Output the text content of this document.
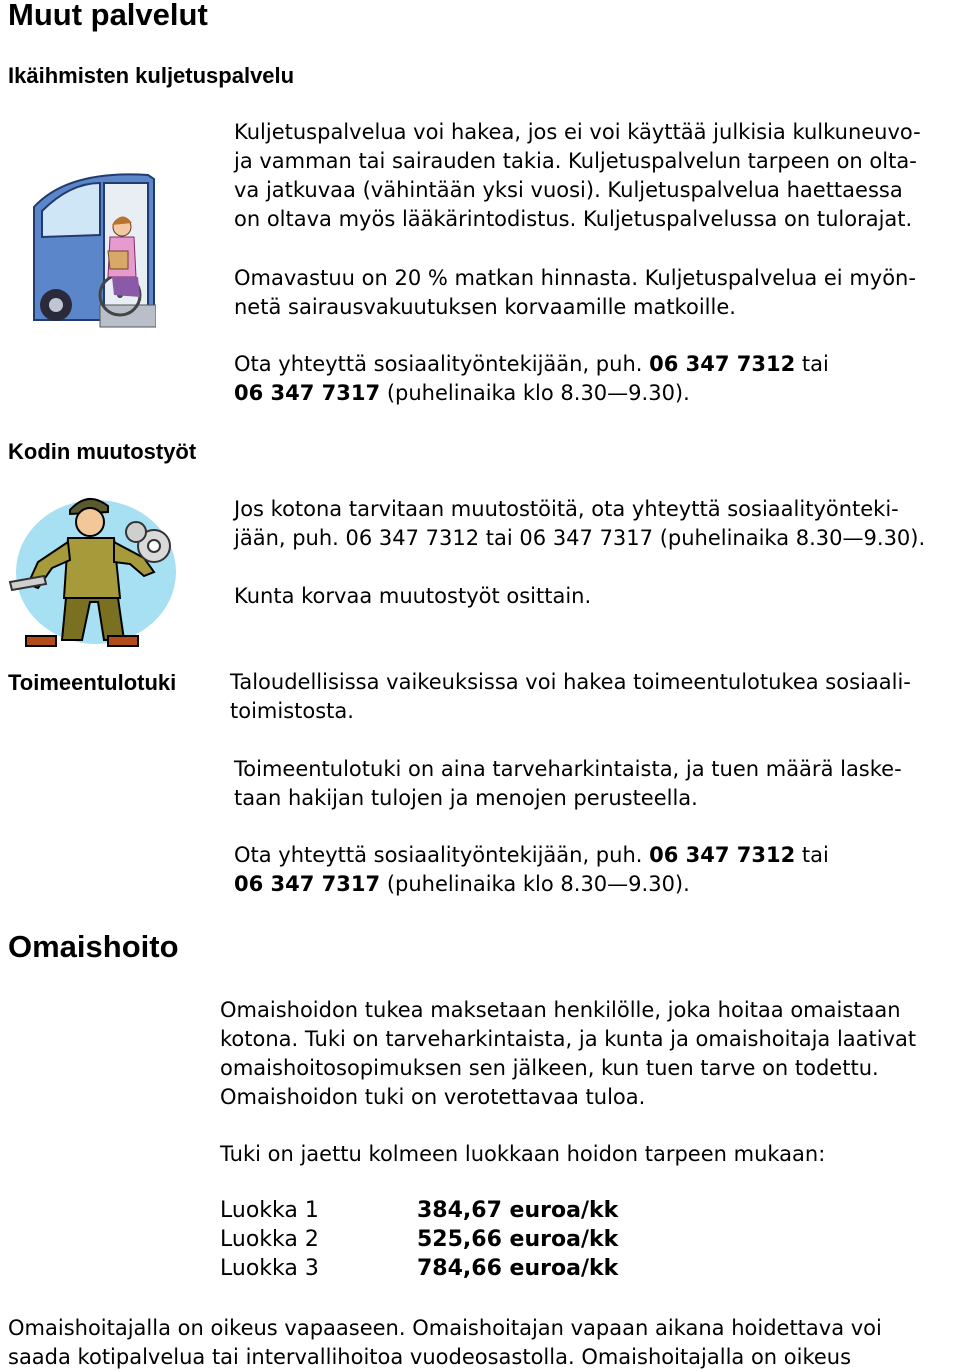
Muut palvelut
Ikäihmisten kuljetuspalvelu

Kuljetuspalvelua voi hakea, jos ei voi käyttää julkisia kulkuneuvo-

ja vamman tai sairauden takia. Kuljetuspalvelun tarpeen on olta-

va jatkuvaa (vähintään yksi vuosi). Kuljetuspalvelua haettaessa

on oltava myös lääkärintodistus. Kuljetuspalvelussa on tulorajat.

Omavastuu on 20 % matkan hinnasta. Kuljetuspalvelua ei myön-

netä sairausvakuutuksen korvaamille matkoille.

Ota yhteyttä sosiaalityöntekijään, puh. 06 347 7312 tai

06 347 7317 (puhelinaika klo 8.30—9.30).

Kodin muutostyöt

Jos kotona tarvitaan muutostöitä, ota yhteyttä sosiaalityönteki-

jään, puh. 06 347 7312 tai 06 347 7317 (puhelinaika 8.30—9.30).

Kunta korvaa muutostyöt osittain.

Toimeentulotuki	Taloudellisissa vaikeuksissa voi hakea toimeentulotukea sosiaali-

toimistosta.

Toimeentulotuki on aina tarveharkintaista, ja tuen määrä laske-

taan hakijan tulojen ja menojen perusteella.

Ota yhteyttä sosiaalityöntekijään, puh. 06 347 7312 tai

06 347 7317 (puhelinaika klo 8.30—9.30).

Omaishoito

Omaishoidon tukea maksetaan henkilölle, joka hoitaa omaistaan

kotona. Tuki on tarveharkintaista, ja kunta ja omaishoitaja laativat

omaishoitosopimuksen sen jälkeen, kun tuen tarve on todettu.

Omaishoidon tuki on verotettavaa tuloa.

Tuki on jaettu kolmeen luokkaan hoidon tarpeen mukaan:

Luokka 1	384,67 euroa/kk
Luokka 2	525,66 euroa/kk
Luokka 3	784,66 euroa/kk

Omaishoitajalla on oikeus vapaaseen. Omaishoitajan vapaan aikana hoidettava voi

saada kotipalvelua tai intervallihoitoa vuodeosastolla. Omaishoitajalla on oikeus
